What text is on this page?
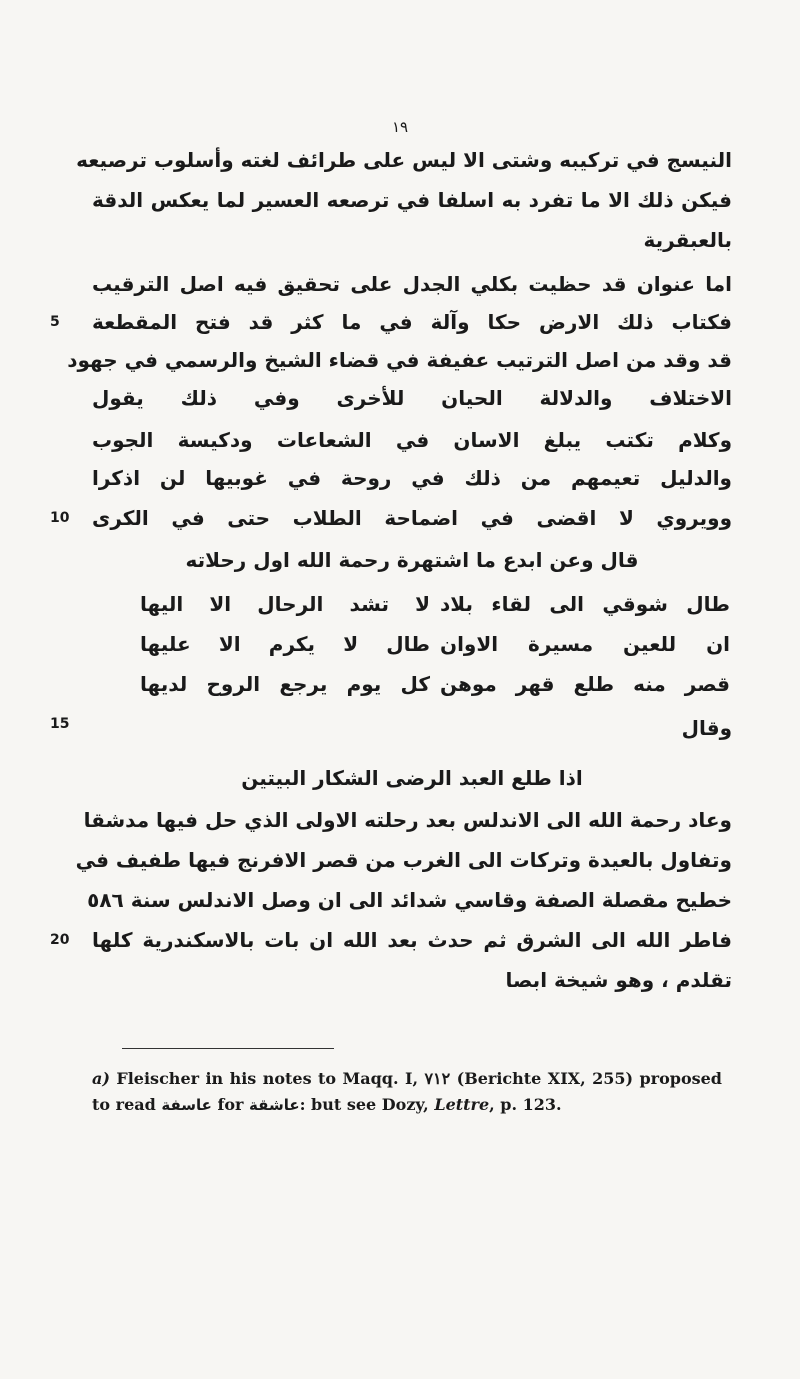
١٩
النيسج في تركيبه وشتى الا ليس على طرائف لغته وأسلوب ترصيعه
فيكن ذلك الا ما تفرد به اسلفا في ترصعه العسير لما يعكس الدقة
بالعبقرية
اما عنوان قد حظيت بكلي الجدل على تحقيق فيه اصل الترقيب
فكتاب ذلك الارض حكا وآلة في ما كثر قد فتح المقطعة
قد وقد من اصل الترتيب عفيفة في قضاء الشيخ والرسمي في جهود
الاختلاف والدلالة الحيان للأخرى وفي ذلك يقول
وكلام تكتب يبلغ الاسان في الشعاعات ودكيسة الجوب
والدليل تعيمهم من ذلك في روحة في غوبيها لن اذكرا
وويروي لا اقضى في اضماحة الطلاب حتى في الكرى
قال وعن ابدع ما اشتهرة رحمة الله اول رحلاته
وقال
اذا طلع العبد الرضى الشكار البيتين
وعاد رحمة الله الى الاندلس بعد رحلته الاولى الذي حل فيها مدشقا
وتفاول بالعيدة وتركات الى الغرب من قصر الافرنج فيها طفيف في
خطيح مقصلة الصفة وقاسي شدائد الى ان وصل الاندلس سنة ٥٨٦
فاطر الله الى الشرق ثم حدث بعد الله ان بات بالاسكندرية كلها
تقلدم ، وهو شيخة ابصا
طال شوقي الى لقاء بلاد
لا تشد الرحال الا اليها
ان للعين مسيرة الاوان
طال لا يكرم الا عليها
قصر منه طلع قهر موهن
كل يوم يرجع الروح لديها
5
10
15
20
a) Fleischer in his notes to Maqq. I, ٧١٢ (Berichte XIX, 255) proposed to read عاسفة for عاشقة: but see Dozy, Lettre, p. 123.
